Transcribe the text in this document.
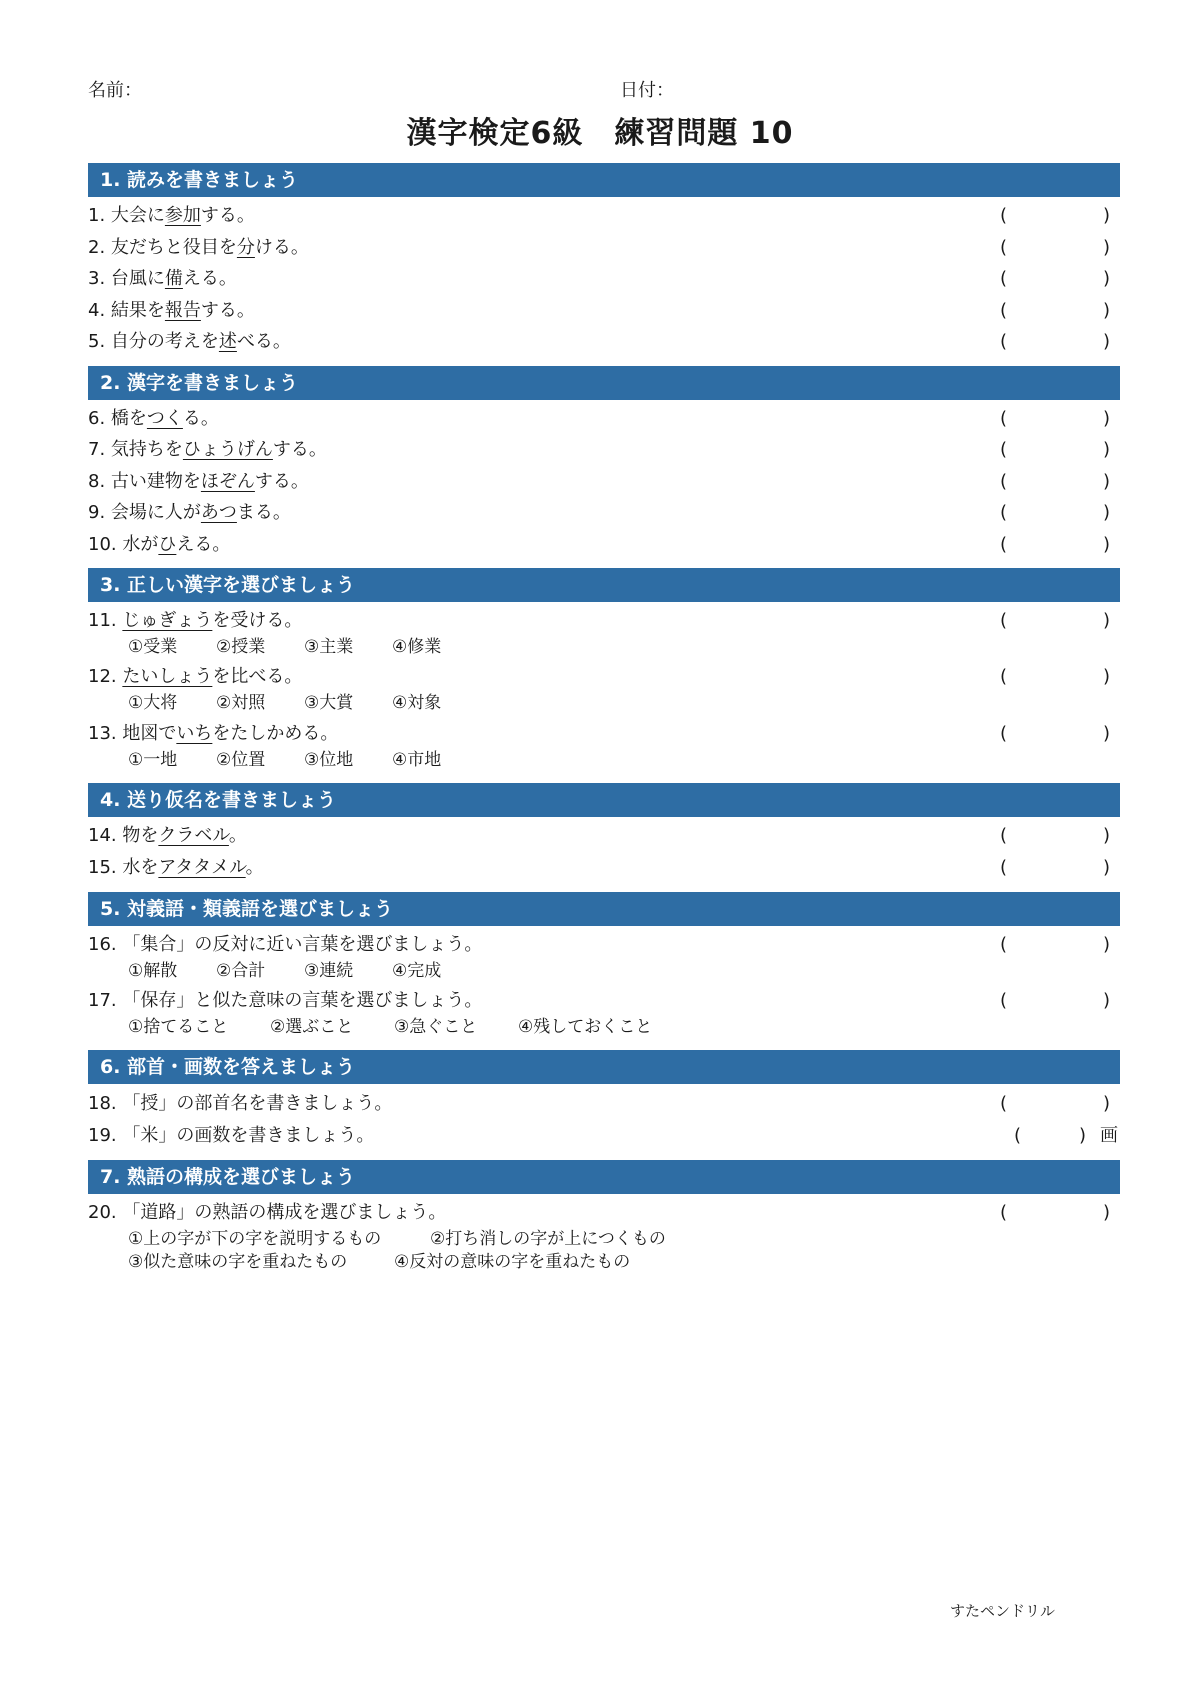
名前：	日付：
漢字検定6級　練習問題 10
1. 読みを書きましょう
1. 大会に参加する。	(	)
2. 友だちと役目を分ける。	(	)
3. 台風に備える。	(	)
4. 結果を報告する。	(	)
5. 自分の考えを述べる。	(	)
2. 漢字を書きましょう
6. 橋をつくる。	(	)
7. 気持ちをひょうげんする。	(	)
8. 古い建物をほぞんする。	(	)
9. 会場に人があつまる。	(	)
10. 水がひえる。	(	)
3. 正しい漢字を選びましょう
11. じゅぎょうを受ける。	(	)
①受業 ②授業 ③主業 ④修業
12. たいしょうを比べる。	(	)
①大将 ②対照 ③大賞 ④対象
13. 地図でいちをたしかめる。	(	)
①一地 ②位置 ③位地 ④市地
4. 送り仮名を書きましょう
14. 物をクラベル。	(	)
15. 水をアタタメル。	(	)
5. 対義語・類義語を選びましょう
16. 「集合」の反対に近い言葉を選びましょう。	(	)
①解散 ②合計 ③連続 ④完成
17. 「保存」と似た意味の言葉を選びましょう。	(	)
①捨てること ②選ぶこと ③急ぐこと ④残しておくこと
6. 部首・画数を答えましょう
18. 「授」の部首名を書きましょう。	(	)
19. 「米」の画数を書きましょう。	(	) 画
7. 熟語の構成を選びましょう
20. 「道路」の熟語の構成を選びましょう。	(	)
①上の字が下の字を説明するもの	②打ち消しの字が上につくもの
③似た意味の字を重ねたもの	④反対の意味の字を重ねたもの
すたペンドリル
